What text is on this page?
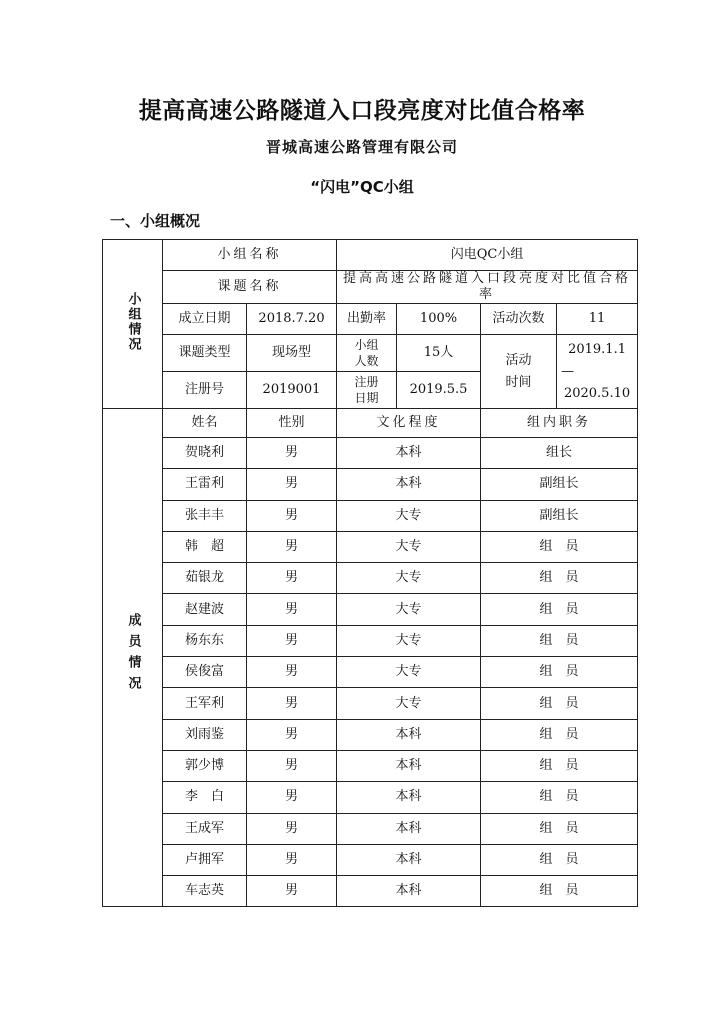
提高高速公路隧道入口段亮度对比值合格率
晋城高速公路管理有限公司
“闪电”QC小组
一、小组概况
小组情况	小组名称		闪电QC小组			
	课题名称		提高高速公路隧道入口段亮度对比值合格率			
	成立日期	2018.7.20	出勤率	100%	活动次数	11
	课题类型	现场型	小组人数	15人	活动时间	2019.1.1
—
2020.5.10

	注册号	2019001	注册日期	2019.5.5		
成员情况	姓名	性别	文化程度		组内职务	
	贺晓利	男	本科		组长	
	王雷利	男	本科		副组长	
	张丰丰	男	大专		副组长	
	韩　超	男	大专		组　员	
	茹银龙	男	大专		组　员	
	赵建波	男	大专		组　员	
	杨东东	男	大专		组　员	
	侯俊富	男	大专		组　员	
	王军利	男	大专		组　员	
	刘雨鉴	男	本科		组　员	
	郭少博	男	本科		组　员	
	李　白	男	本科		组　员	
	王成军	男	本科		组　员	
	卢拥军	男	本科		组　员	
	车志英	男	本科		组　员	
